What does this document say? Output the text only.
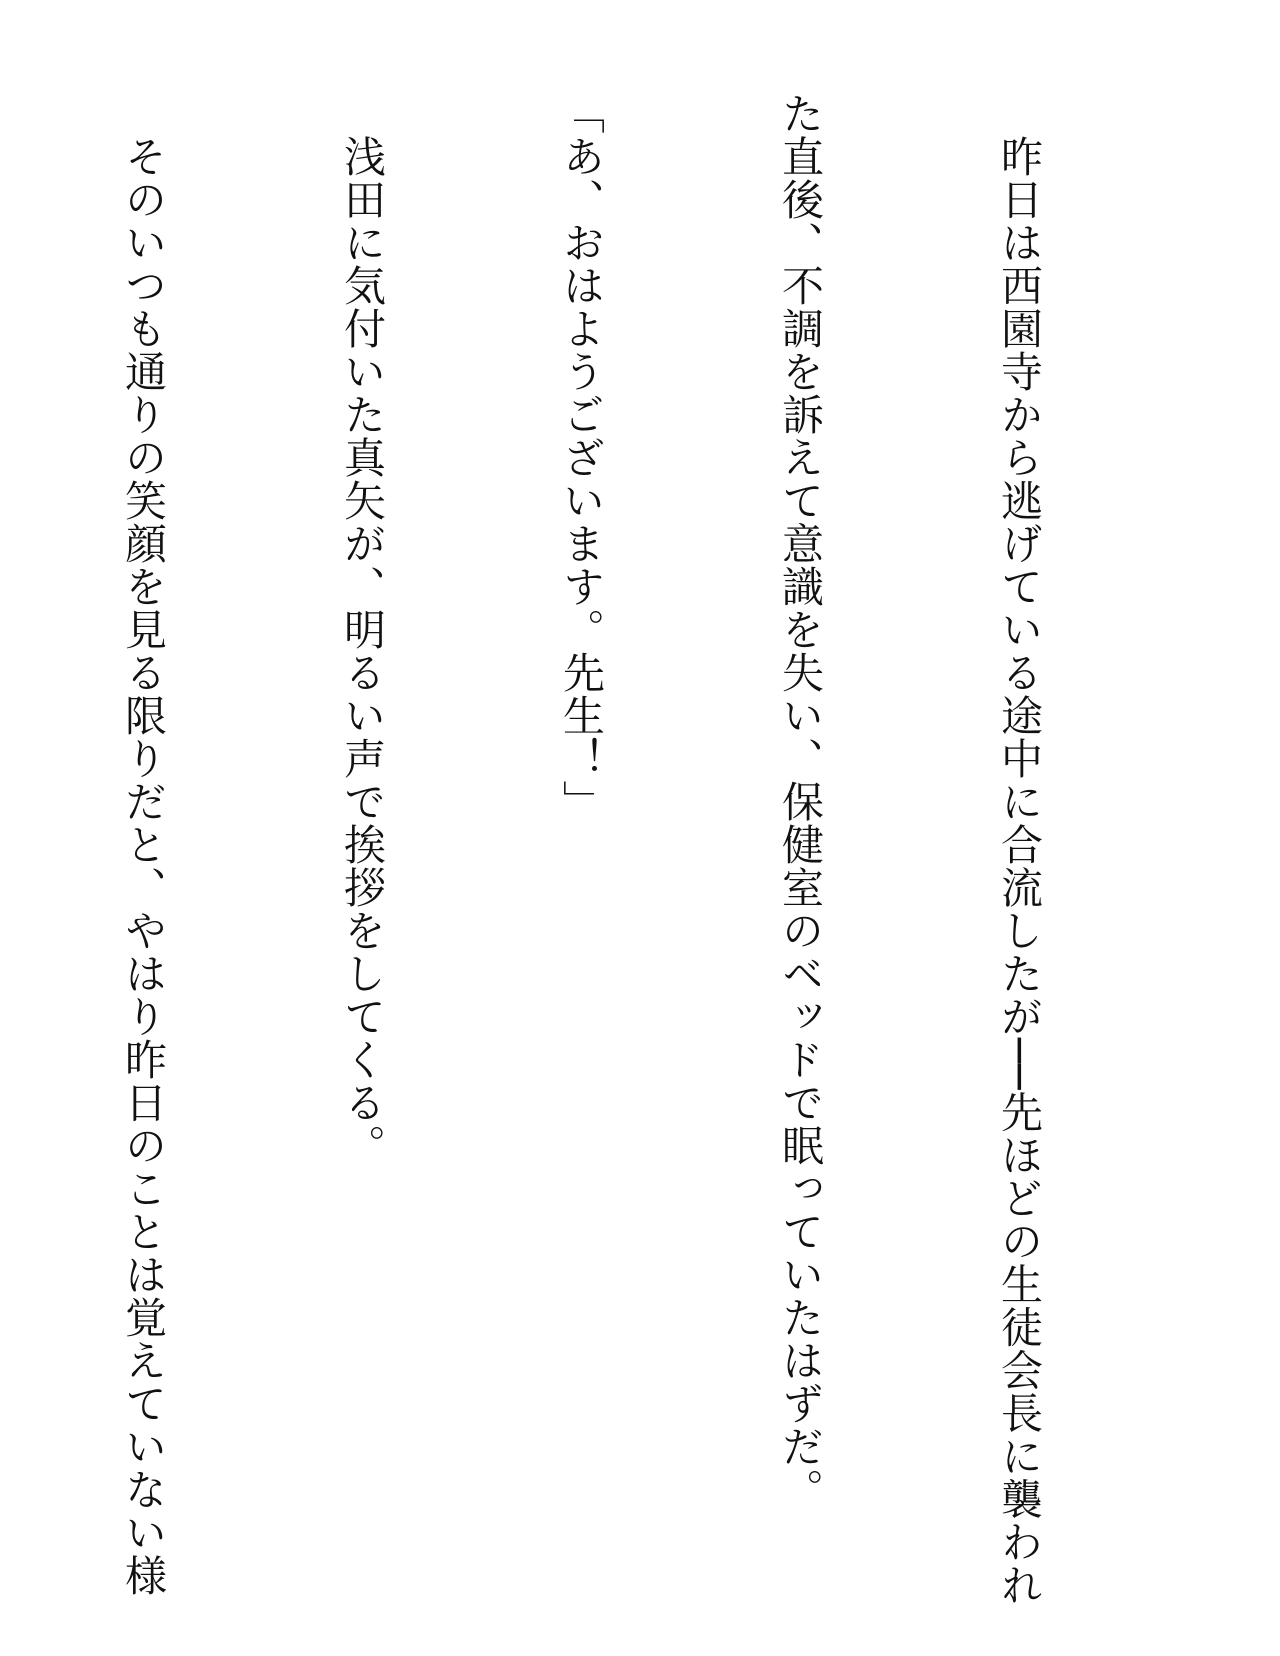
　昨日は西園寺から逃げている途中に合流したが──先ほどの生徒会長に襲われ

た直後、不調を訴えて意識を失い、保健室のベッドで眠っていたはずだ。

「あ、おはようございます。先生！」

　浅田に気付いた真矢が、明るい声で挨拶をしてくる。

　そのいつも通りの笑顔を見る限りだと、やはり昨日のことは覚えていない様
